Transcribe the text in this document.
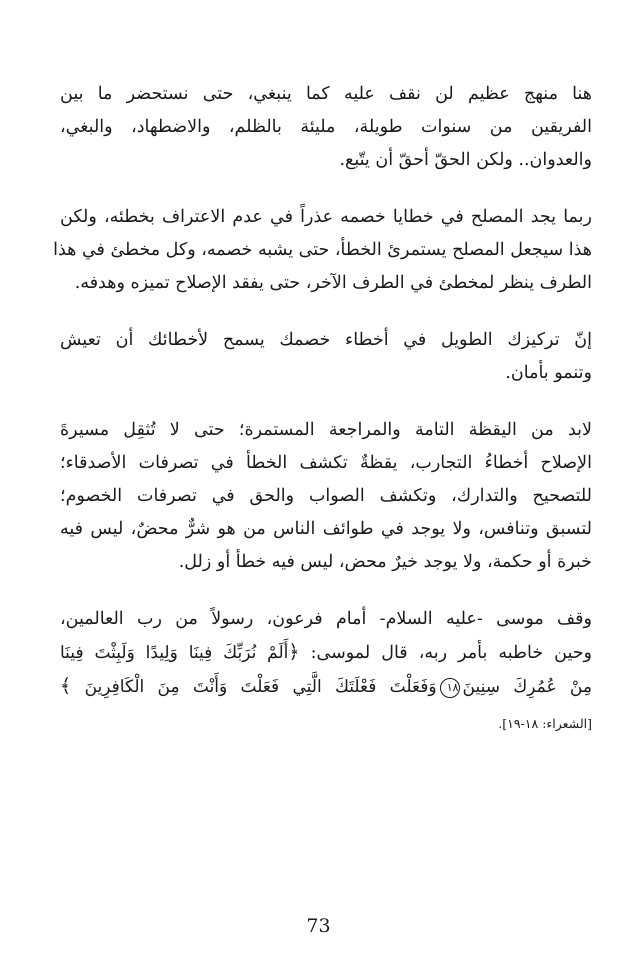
هنا منهج عظيم لن نقف عليه كما ينبغي، حتى نستحضر ما بين
الفريقين من سنوات طويلة، مليئة بالظلم، والاضطهاد، والبغي،
والعدوان.. ولكن الحقّ أحقّ أن يتّبع.

ربما يجد المصلح في خطايا خصمه عذراً في عدم الاعتراف بخطئه، ولكن
هذا سيجعل المصلح يستمرئ الخطأ، حتى يشبه خصمه، وكل مخطئ في هذا
الطرف ينظر لمخطئ في الطرف الآخر، حتى يفقد الإصلاح تميزه وهدفه.

إنّ تركيزك الطويل في أخطاء خصمك يسمح لأخطائك أن تعيش
وتنمو بأمان.

لابد من اليقظة التامة والمراجعة المستمرة؛ حتى لا تُثقِل مسيرةَ
الإصلاح أخطاءُ التجارب، يقظةٌ تكشف الخطأ في تصرفات الأصدقاء؛
للتصحيح والتدارك، وتكشف الصواب والحق في تصرفات الخصوم؛
لتسبق وتنافس، ولا يوجد في طوائف الناس من هو شرٌّ محضٌ، ليس فيه
خبرة أو حكمة، ولا يوجد خيرٌ محض، ليس فيه خطأ أو زلل.

وقف موسى -عليه السلام- أمام فرعون، رسولاً من رب العالمين،
وحين خاطبه بأمر ربه، قال لموسى: ﴿أَلَمْ نُرَبِّكَ فِينَا وَلِيدًا وَلَبِثْتَ فِينَا
مِنْ عُمُرِكَ سِنِينَ١٨وَفَعَلْتَ فَعْلَتَكَ الَّتِي فَعَلْتَ وَأَنْتَ مِنَ الْكَافِرِينَ ﴾

[الشعراء: ١٨-١٩].
73
